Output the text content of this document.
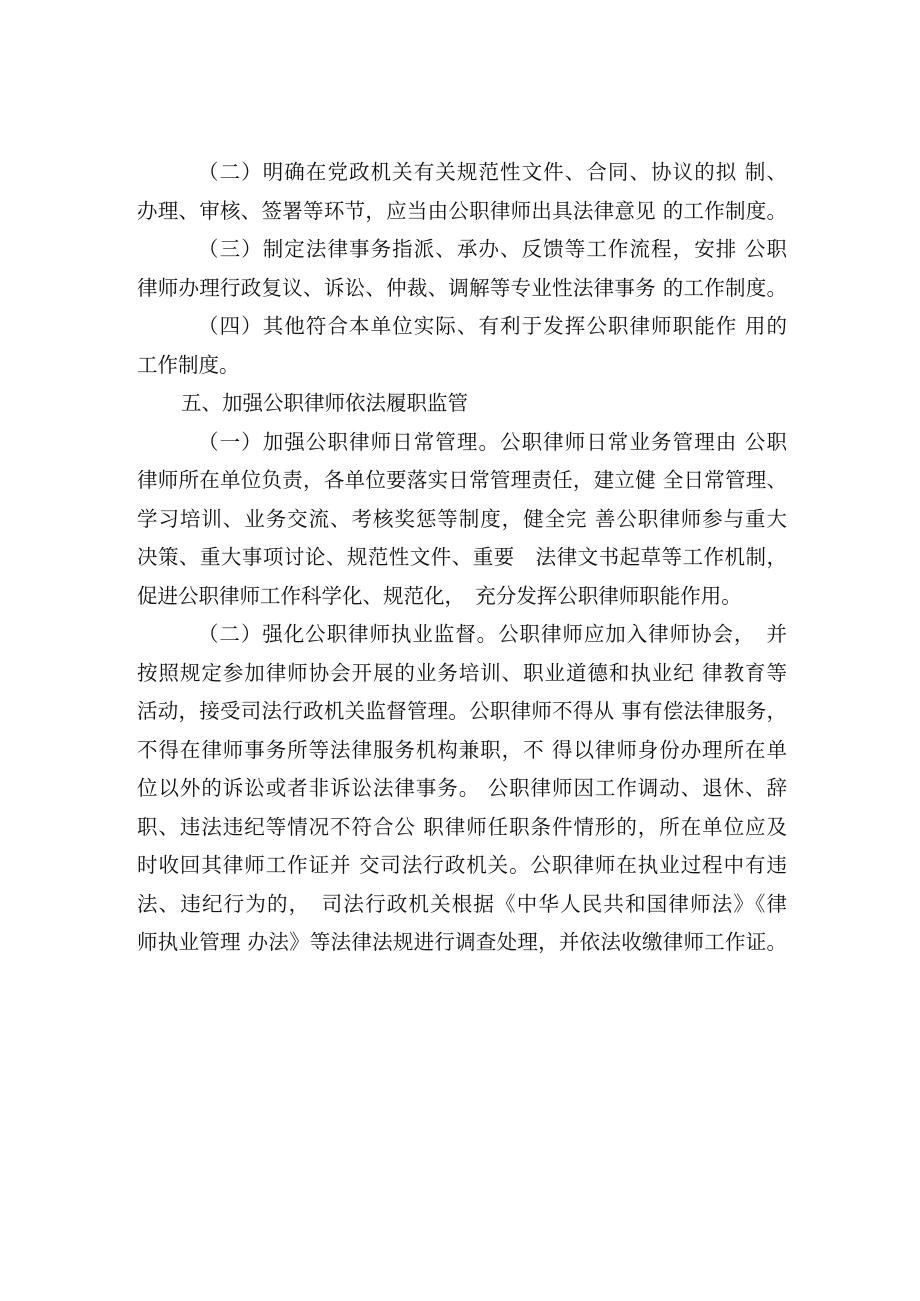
（二）明确在党政机关有关规范性文件、合同、协议的拟 制、
办理、审核、签署等环节，应当由公职律师出具法律意见 的工作制度。
（三）制定法律事务指派、承办、反馈等工作流程，安排 公职
律师办理行政复议、诉讼、仲裁、调解等专业性法律事务 的工作制度。
（四）其他符合本单位实际、有利于发挥公职律师职能作 用的
工作制度。
五、加强公职律师依法履职监管
（一）加强公职律师日常管理。公职律师日常业务管理由 公职
律师所在单位负责，各单位要落实日常管理责任，建立健 全日常管理、
学习培训、业务交流、考核奖惩等制度，健全完 善公职律师参与重大
决策、重大事项讨论、规范性文件、重要　法律文书起草等工作机制，
促进公职律师工作科学化、规范化，　充分发挥公职律师职能作用。
（二）强化公职律师执业监督。公职律师应加入律师协会，　并
按照规定参加律师协会开展的业务培训、职业道德和执业纪 律教育等
活动，接受司法行政机关监督管理。公职律师不得从 事有偿法律服务，
不得在律师事务所等法律服务机构兼职，不 得以律师身份办理所在单
位以外的诉讼或者非诉讼法律事务。 公职律师因工作调动、退休、辞
职、违法违纪等情况不符合公 职律师任职条件情形的，所在单位应及
时收回其律师工作证并 交司法行政机关。公职律师在执业过程中有违
法、违纪行为的，　司法行政机关根据《中华人民共和国律师法》《律
师执业管理 办法》等法律法规进行调查处理，并依法收缴律师工作证。
